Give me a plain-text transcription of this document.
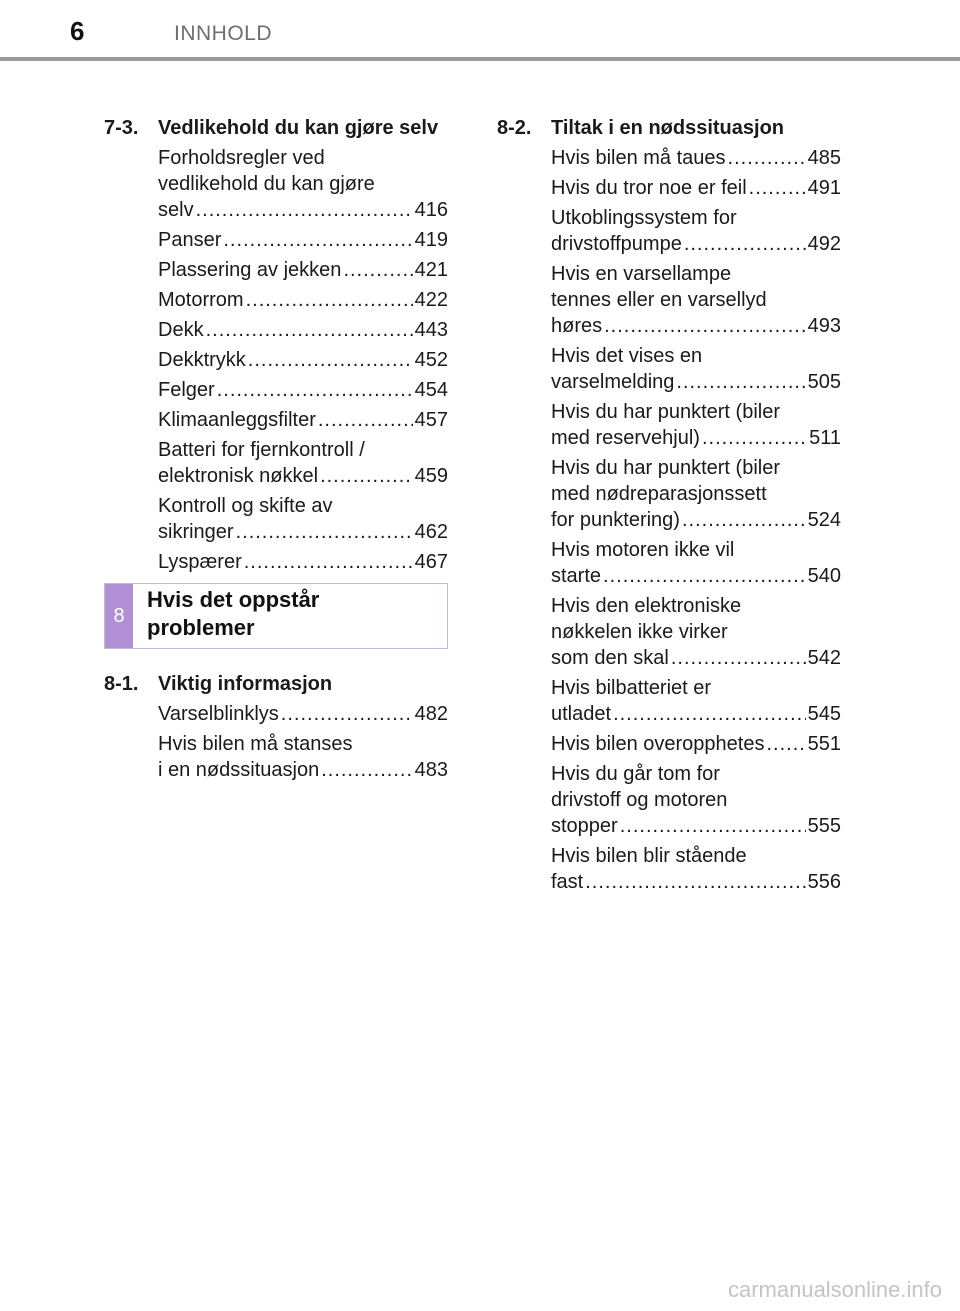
6	INNHOLD
7-3. Vedlikehold du kan gjøre selv
Forholdsregler ved
vedlikehold du kan gjøre
selv .....	416
Panser .....	419
Plassering av jekken .....	421
Motorrom .....	422
Dekk .....	443
Dekktrykk .....	452
Felger .....	454
Klimaanleggsfilter .....	457
Batteri for fjernkontroll /
elektronisk nøkkel .....	459
Kontroll og skifte av
sikringer .....	462
Lyspærer .....	467
8
Hvis det oppstår
problemer
8-1. Viktig informasjon
Varselblinklys .....	482
Hvis bilen må stanses
i en nødssituasjon .....	483
8-2. Tiltak i en nødssituasjon
Hvis bilen må taues .....	485
Hvis du tror noe er feil .....	491
Utkoblingssystem for
drivstoffpumpe .....	492
Hvis en varsellampe
tennes eller en varsellyd
høres .....	493
Hvis det vises en
varselmelding .....	505
Hvis du har punktert (biler
med reservehjul) .....	511
Hvis du har punktert (biler
med nødreparasjonssett
for punktering) .....	524
Hvis motoren ikke vil
starte .....	540
Hvis den elektroniske
nøkkelen ikke virker
som den skal .....	542
Hvis bilbatteriet er
utladet .....	545
Hvis bilen overopphetes ..... 551
Hvis du går tom for
drivstoff og motoren
stopper .....	555
Hvis bilen blir stående
fast .....	556
carmanualsonline.info
